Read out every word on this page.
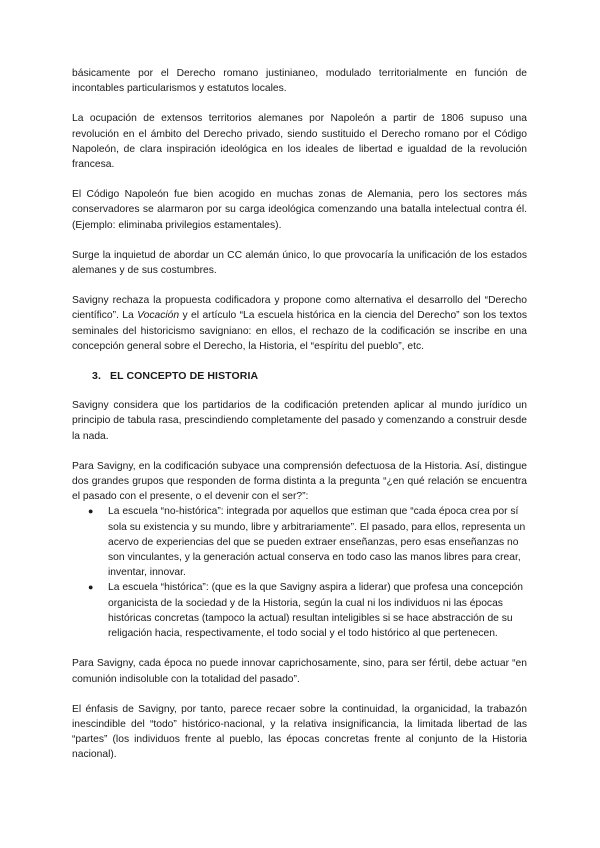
básicamente por el Derecho romano justinianeo, modulado territorialmente en función de incontables particularismos y estatutos locales.

La ocupación de extensos territorios alemanes por Napoleón a partir de 1806 supuso una revolución en el ámbito del Derecho privado, siendo sustituido el Derecho romano por el Código Napoleón, de clara inspiración ideológica en los ideales de libertad e igualdad de la revolución francesa.

El Código Napoleón fue bien acogido en muchas zonas de Alemania, pero los sectores más conservadores se alarmaron por su carga ideológica comenzando una batalla intelectual contra él. (Ejemplo: eliminaba privilegios estamentales).

Surge la inquietud de abordar un CC alemán único, lo que provocaría la unificación de los estados alemanes y de sus costumbres.

Savigny rechaza la propuesta codificadora y propone como alternativa el desarrollo del “Derecho científico”. La Vocación y el artículo “La escuela histórica en la ciencia del Derecho” son los textos seminales del historicismo savigniano: en ellos, el rechazo de la codificación se inscribe en una concepción general sobre el Derecho, la Historia, el “espíritu del pueblo”, etc.

3. EL CONCEPTO DE HISTORIA

Savigny considera que los partidarios de la codificación pretenden aplicar al mundo jurídico un principio de tabula rasa, prescindiendo completamente del pasado y comenzando a construir desde la nada.

Para Savigny, en la codificación subyace una comprensión defectuosa de la Historia. Así, distingue dos grandes grupos que responden de forma distinta a la pregunta “¿en qué relación se encuentra el pasado con el presente, o el devenir con el ser?”:

● La escuela “no-histórica”: integrada por aquellos que estiman que “cada época crea por sí sola su existencia y su mundo, libre y arbitrariamente”. El pasado, para ellos, representa un acervo de experiencias del que se pueden extraer enseñanzas, pero esas enseñanzas no son vinculantes, y la generación actual conserva en todo caso las manos libres para crear, inventar, innovar.
● La escuela “histórica”: (que es la que Savigny aspira a liderar) que profesa una concepción organicista de la sociedad y de la Historia, según la cual ni los individuos ni las épocas históricas concretas (tampoco la actual) resultan inteligibles si se hace abstracción de su religación hacia, respectivamente, el todo social y el todo histórico al que pertenecen.

Para Savigny, cada época no puede innovar caprichosamente, sino, para ser fértil, debe actuar “en comunión indisoluble con la totalidad del pasado”.

El énfasis de Savigny, por tanto, parece recaer sobre la continuidad, la organicidad, la trabazón inescindible del “todo” histórico-nacional, y la relativa insignificancia, la limitada libertad de las “partes” (los individuos frente al pueblo, las épocas concretas frente al conjunto de la Historia nacional).
